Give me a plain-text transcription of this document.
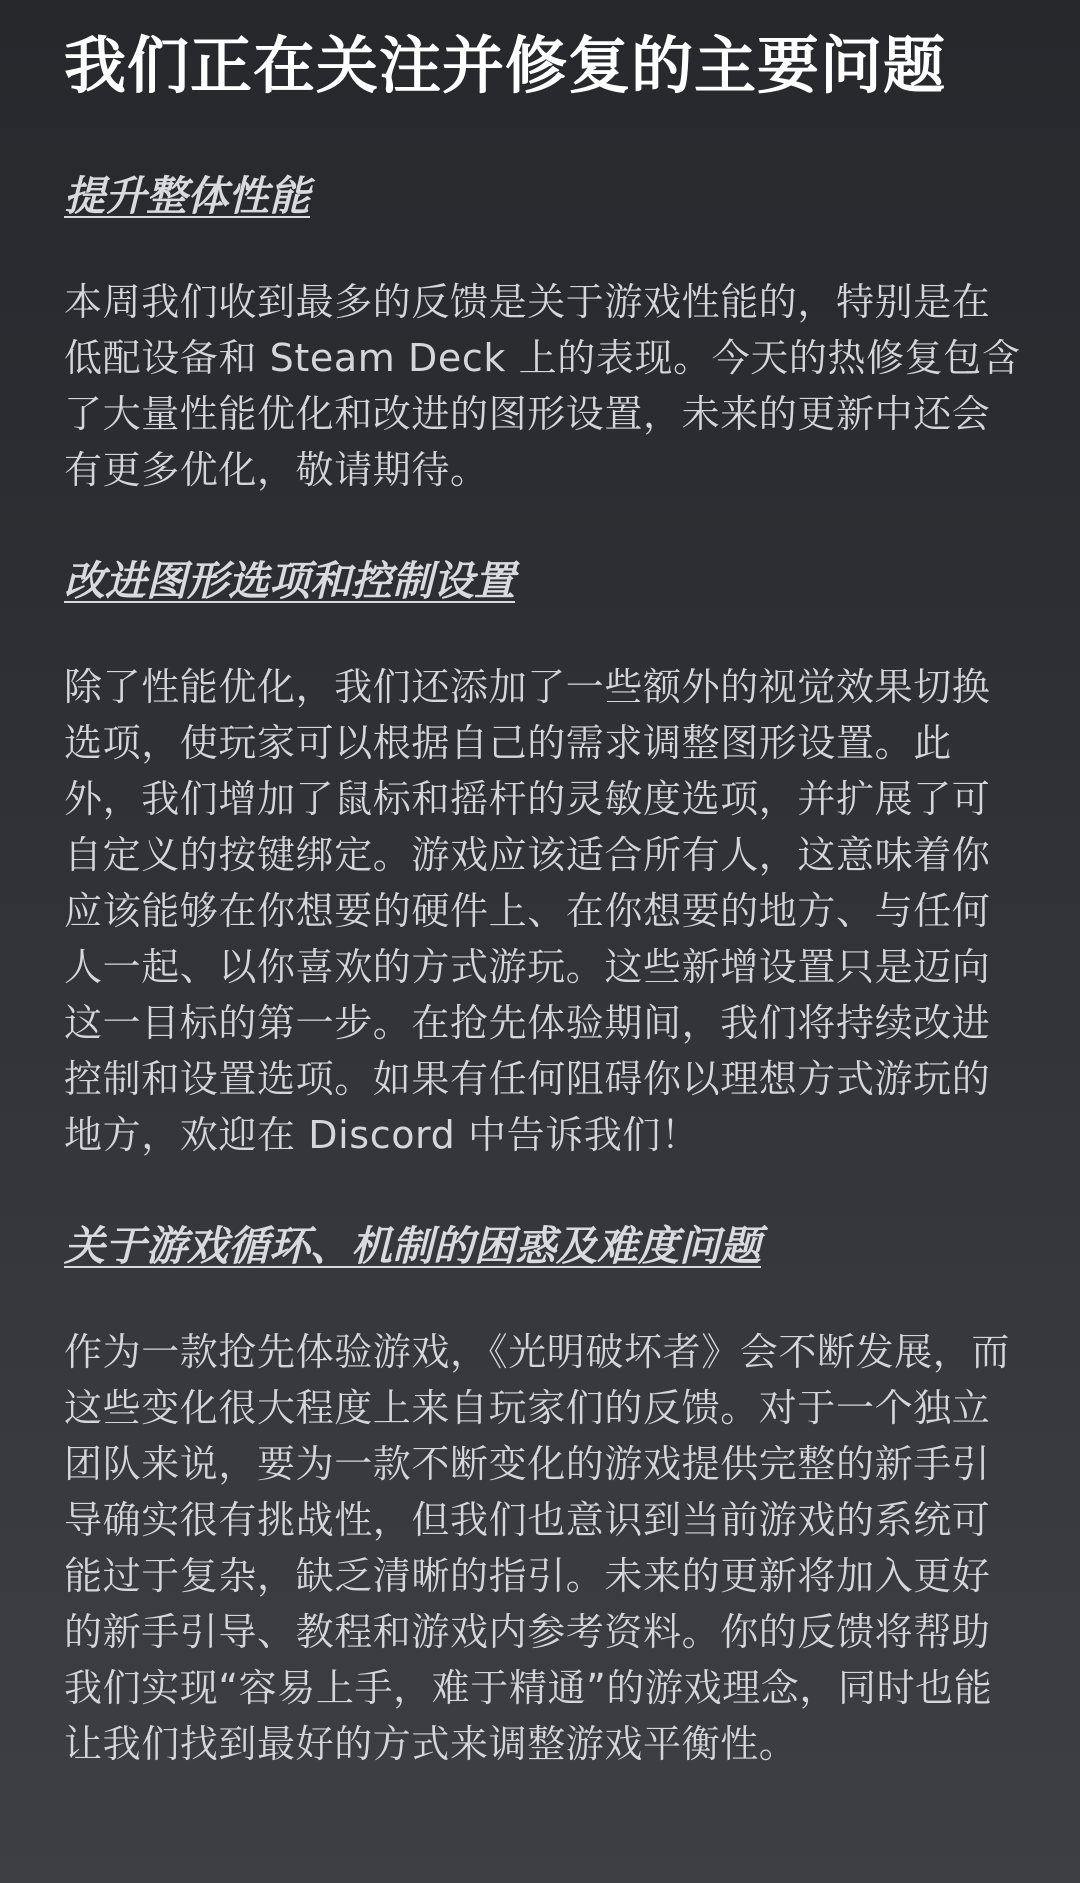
我们正在关注并修复的主要问题
提升整体性能

本周我们收到最多的反馈是关于游戏性能的，特别是在低配设备和 Steam Deck 上的表现。今天的热修复包含了大量性能优化和改进的图形设置，未来的更新中还会有更多优化，敬请期待。

改进图形选项和控制设置

除了性能优化，我们还添加了一些额外的视觉效果切换选项，使玩家可以根据自己的需求调整图形设置。此外，我们增加了鼠标和摇杆的灵敏度选项，并扩展了可自定义的按键绑定。游戏应该适合所有人，这意味着你应该能够在你想要的硬件上、在你想要的地方、与任何人一起、以你喜欢的方式游玩。这些新增设置只是迈向这一目标的第一步。在抢先体验期间，我们将持续改进控制和设置选项。如果有任何阻碍你以理想方式游玩的地方，欢迎在 Discord 中告诉我们！

关于游戏循环、机制的困惑及难度问题

作为一款抢先体验游戏，《光明破坏者》会不断发展，而这些变化很大程度上来自玩家们的反馈。对于一个独立团队来说，要为一款不断变化的游戏提供完整的新手引导确实很有挑战性，但我们也意识到当前游戏的系统可能过于复杂，缺乏清晰的指引。未来的更新将加入更好的新手引导、教程和游戏内参考资料。你的反馈将帮助我们实现“容易上手，难于精通”的游戏理念，同时也能让我们找到最好的方式来调整游戏平衡性。
